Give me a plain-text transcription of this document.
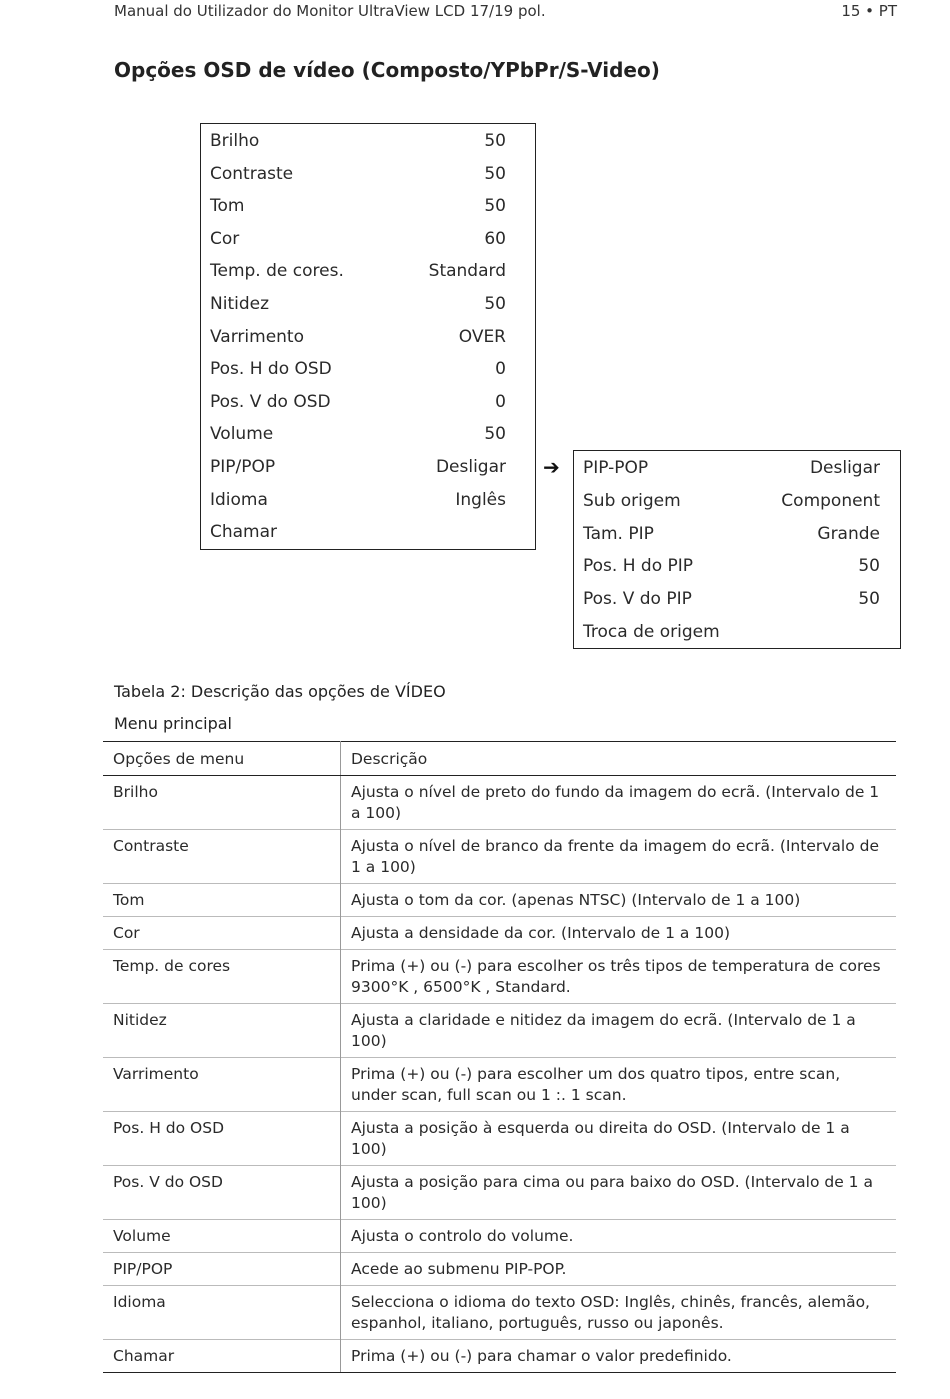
Manual do Utilizador do Monitor UltraView LCD 17/19 pol.	15 • PT
Opções OSD de vídeo (Composto/YPbPr/S-Video)
Brilho	50
Contraste	50
Tom	50
Cor	60
Temp. de cores.	Standard
Nitidez	50
Varrimento	OVER
Pos. H do OSD	0
Pos. V do OSD	0
Volume	50
PIP/POP	Desligar
Idioma	Inglês
Chamar
➔ PIP-POP	Desligar
Sub origem	Component
Tam. PIP	Grande
Pos. H do PIP	50
Pos. V do PIP	50
Troca de origem
Tabela 2: Descrição das opções de VÍDEO
Menu principal
Opções de menu	Descrição
Brilho	Ajusta o nível de preto do fundo da imagem do ecrã. (Intervalo de 1 a 100)
Contraste	Ajusta o nível de branco da frente da imagem do ecrã. (Intervalo de 1 a 100)
Tom	Ajusta o tom da cor. (apenas NTSC) (Intervalo de 1 a 100)
Cor	Ajusta a densidade da cor. (Intervalo de 1 a 100)
Temp. de cores	Prima (+) ou (-) para escolher os três tipos de temperatura de cores 9300°K , 6500°K , Standard.
Nitidez	Ajusta a claridade e nitidez da imagem do ecrã. (Intervalo de 1 a 100)
Varrimento	Prima (+) ou (-) para escolher um dos quatro tipos, entre scan, under scan, full scan ou 1 :. 1 scan.
Pos. H do OSD	Ajusta a posição à esquerda ou direita do OSD. (Intervalo de 1 a 100)
Pos. V do OSD	Ajusta a posição para cima ou para baixo do OSD. (Intervalo de 1 a 100)
Volume	Ajusta o controlo do volume.
PIP/POP	Acede ao submenu PIP-POP.
Idioma	Selecciona o idioma do texto OSD: Inglês, chinês, francês, alemão, espanhol, italiano, português, russo ou japonês.
Chamar	Prima (+) ou (-) para chamar o valor predefinido.
